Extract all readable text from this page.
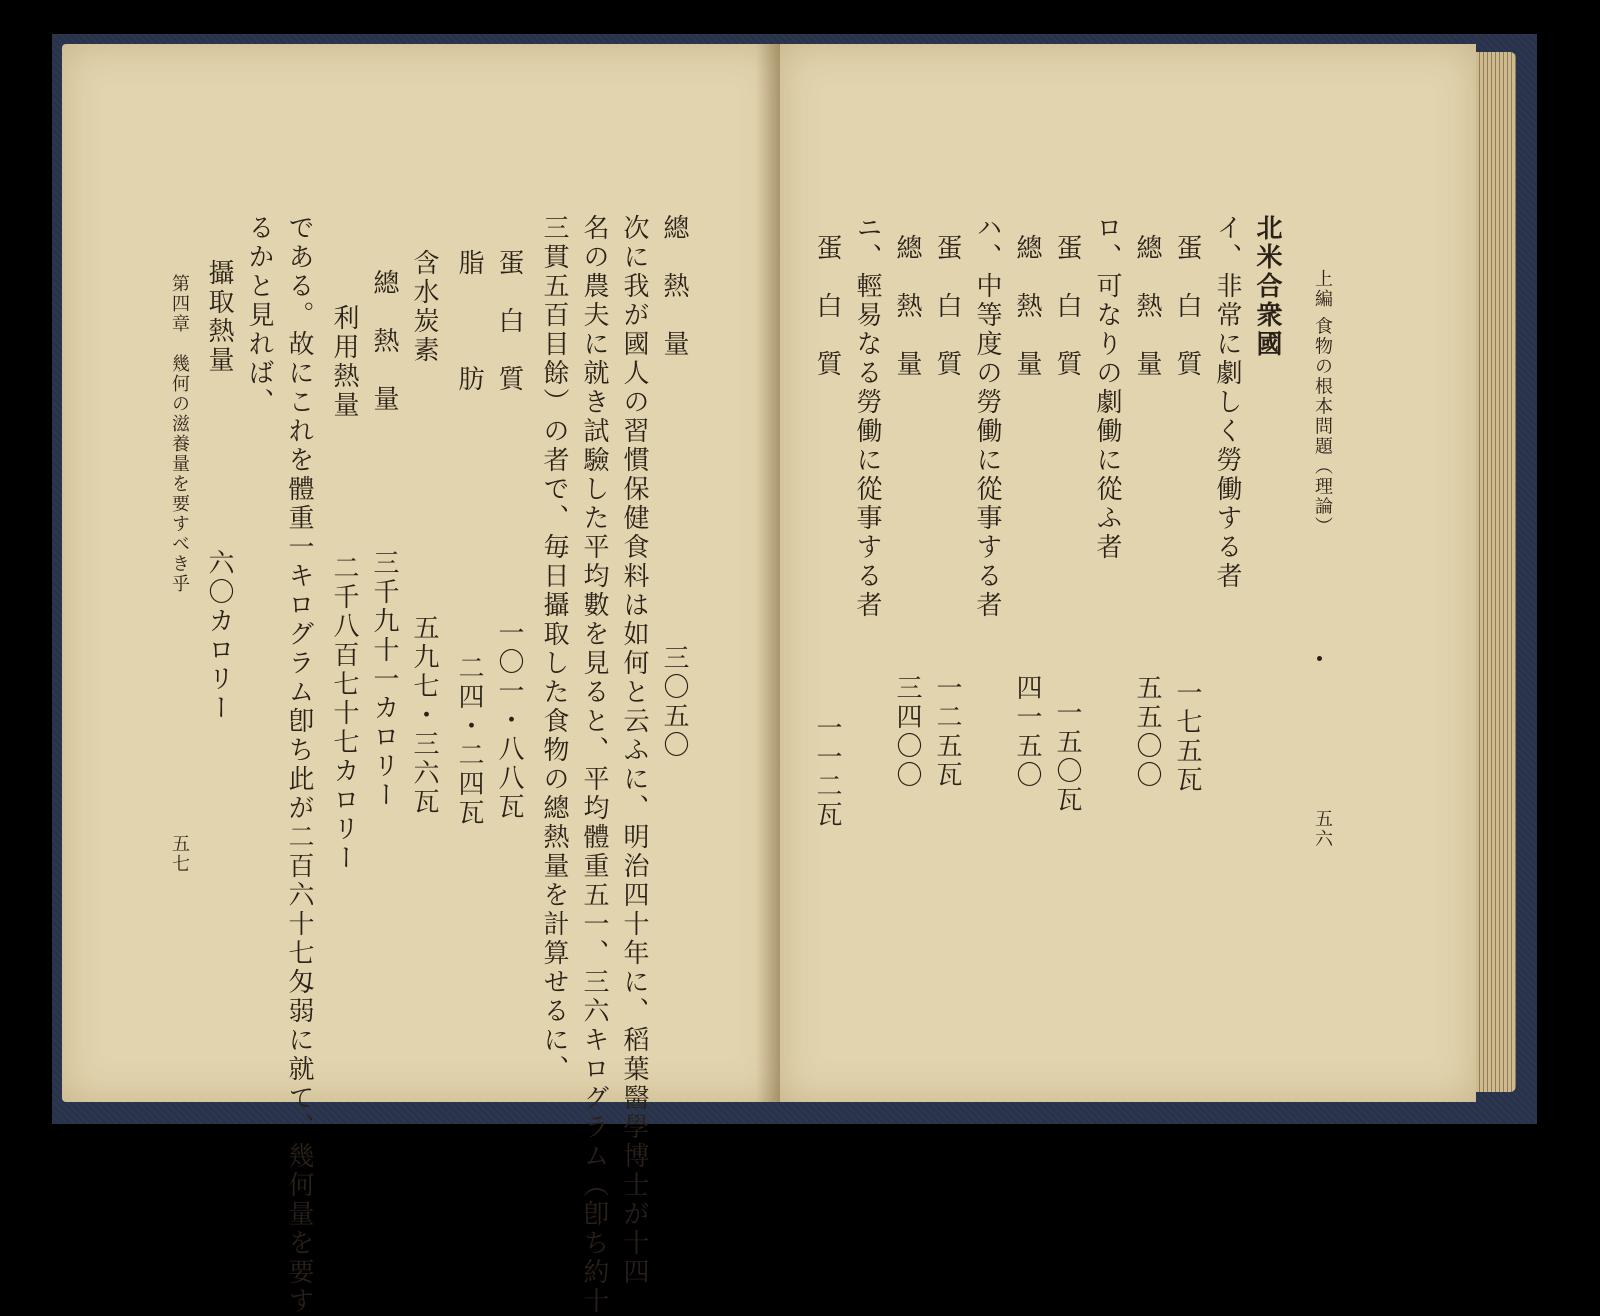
總　熱　量
三〇五〇
次に我が國人の習慣保健食料は如何と云ふに、明治四十年に、稻葉醫學博士が十四
名の農夫に就き試驗した平均數を見ると、平均體重五一、三六キログラム（卽ち約十
三貫五百目餘）の者で、毎日攝取した食物の總熱量を計算せるに、
蛋　白　質
一〇一・八八瓦
脂　　　肪
二四・二四瓦
含水炭素
五九七・三六瓦
總　熱　量
三千九十一カロリー
利用熱量
二千八百七十七カロリー
である。故にこれを體重一キログラム卽ち此が二百六十七匁弱に就て、幾何量を要す
るかと見れば、
攝取熱量
六〇カロリー
第四章　幾何の滋養量を要すべき乎
五七
上編 食物の根本問題（理論）
五六
北米合衆國
イ、非常に劇しく勞働する者
蛋　白　質
一七五瓦
總　熱　量
五五〇〇
ロ、可なりの劇働に從ふ者
蛋　白　質
一五〇瓦
總　熱　量
四一五〇
ハ、中等度の勞働に從事する者
蛋　白　質
一二五瓦
總　熱　量
三四〇〇
ニ、輕易なる勞働に從事する者
蛋　白　質
一一二瓦
